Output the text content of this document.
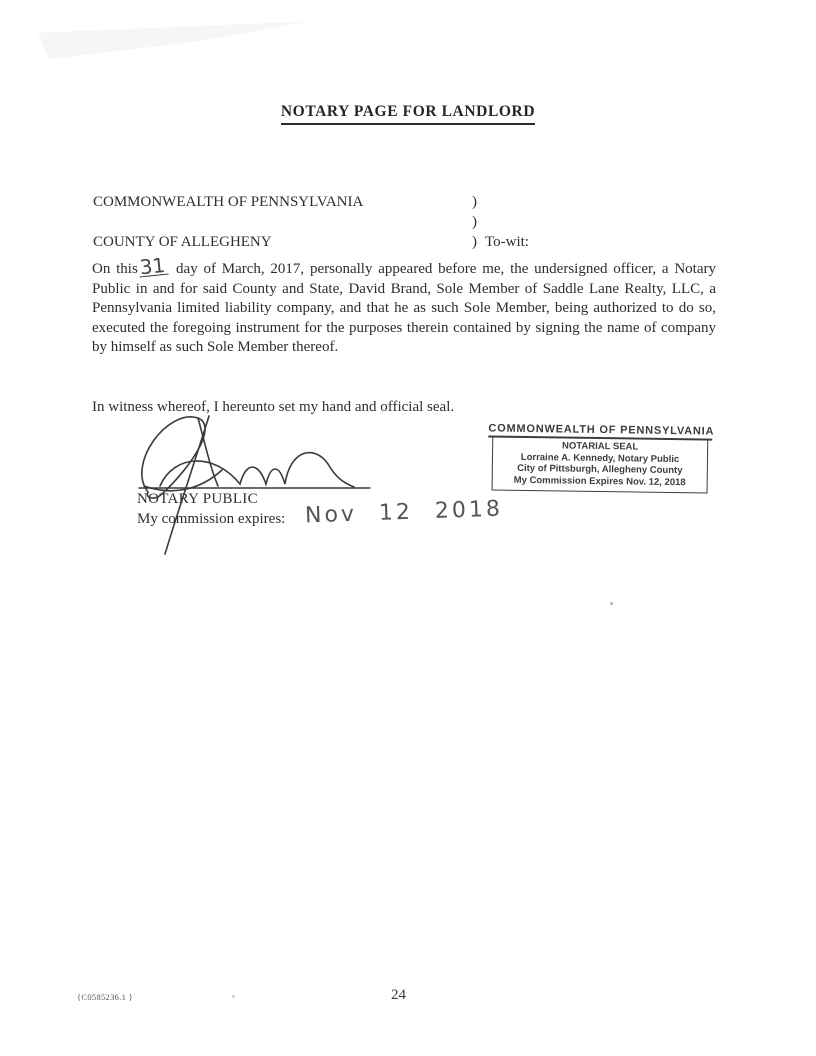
NOTARY PAGE FOR LANDLORD
COMMONWEALTH OF PENNSYLVANIA	)
)
COUNTY OF ALLEGHENY	) To-wit:

On this31 day of March, 2017, personally appeared before me, the undersigned officer, a Notary Public in and for said County and State, David Brand, Sole Member of Saddle Lane Realty, LLC, a Pennsylvania limited liability company, and that he as such Sole Member, being authorized to do so, executed the foregoing instrument for the purposes therein contained by signing the name of company by himself as such Sole Member thereof.

In witness whereof, I hereunto set my hand and official seal.
NOTARY PUBLIC
My commission expires: Nov 12 2018
COMMONWEALTH OF PENNSYLVANIA
NOTARIAL SEAL
Lorraine A. Kennedy, Notary Public
City of Pittsburgh, Allegheny County
My Commission Expires Nov. 12, 2018
{C0585236.1 }	24
